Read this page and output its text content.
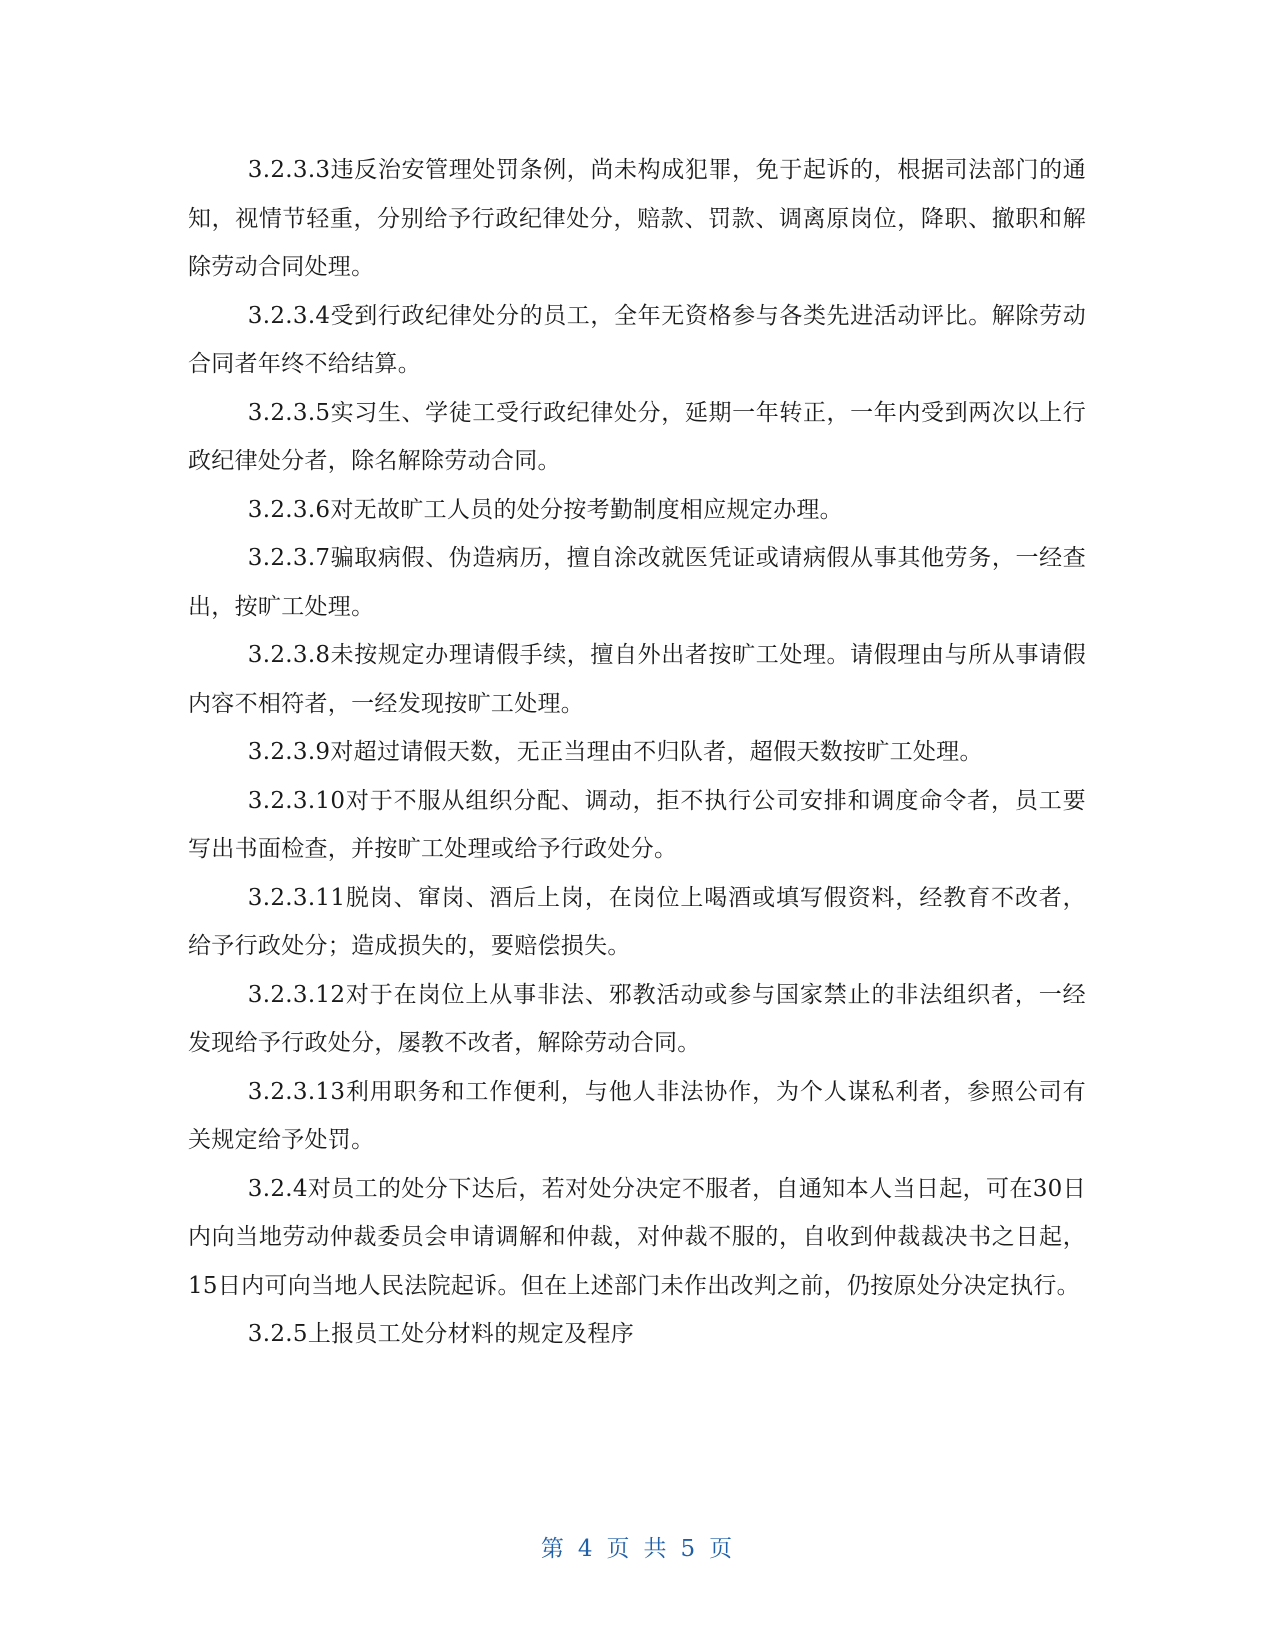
3.2.3.3违反治安管理处罚条例，尚未构成犯罪，免于起诉的，根据司法部门的通知，视情节轻重，分别给予行政纪律处分，赔款、罚款、调离原岗位，降职、撤职和解除劳动合同处理。

3.2.3.4受到行政纪律处分的员工，全年无资格参与各类先进活动评比。解除劳动合同者年终不给结算。

3.2.3.5实习生、学徒工受行政纪律处分，延期一年转正，一年内受到两次以上行政纪律处分者，除名解除劳动合同。

3.2.3.6对无故旷工人员的处分按考勤制度相应规定办理。

3.2.3.7骗取病假、伪造病历，擅自涂改就医凭证或请病假从事其他劳务，一经查出，按旷工处理。

3.2.3.8未按规定办理请假手续，擅自外出者按旷工处理。请假理由与所从事请假内容不相符者，一经发现按旷工处理。

3.2.3.9对超过请假天数，无正当理由不归队者，超假天数按旷工处理。

3.2.3.10对于不服从组织分配、调动，拒不执行公司安排和调度命令者，员工要写出书面检查，并按旷工处理或给予行政处分。

3.2.3.11脱岗、窜岗、酒后上岗，在岗位上喝酒或填写假资料，经教育不改者，给予行政处分；造成损失的，要赔偿损失。

3.2.3.12对于在岗位上从事非法、邪教活动或参与国家禁止的非法组织者，一经发现给予行政处分，屡教不改者，解除劳动合同。

3.2.3.13利用职务和工作便利，与他人非法协作，为个人谋私利者，参照公司有关规定给予处罚。

3.2.4对员工的处分下达后，若对处分决定不服者，自通知本人当日起，可在30日内向当地劳动仲裁委员会申请调解和仲裁，对仲裁不服的，自收到仲裁裁决书之日起，15日内可向当地人民法院起诉。但在上述部门未作出改判之前，仍按原处分决定执行。

3.2.5上报员工处分材料的规定及程序

第 4 页 共 5 页
